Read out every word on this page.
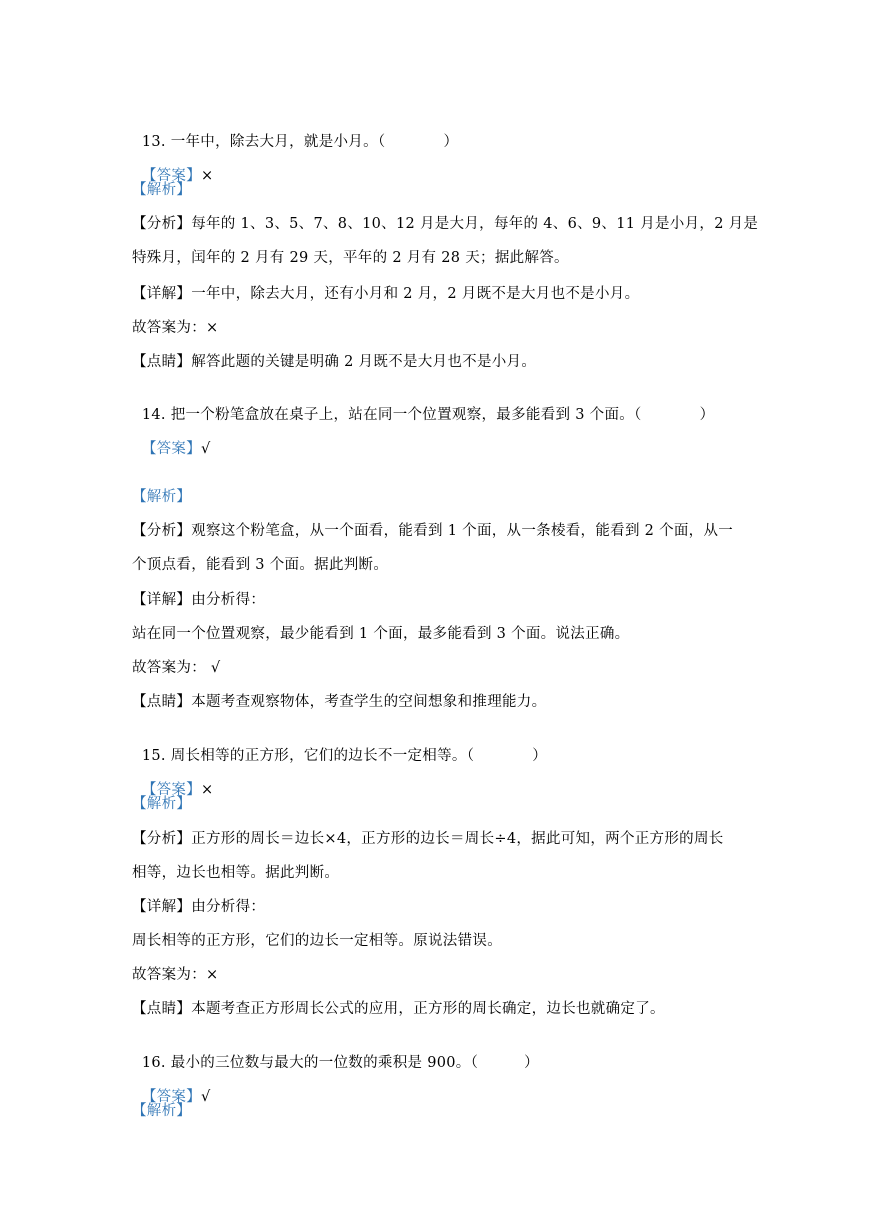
13. 一年中，除去大月，就是小月。（	）

【答案】×

【解析】
【分析】每年的 1、3、5、7、8、10、12 月是大月，每年的 4、6、9、11 月是小月，2 月是
特殊月，闰年的 2 月有 29 天，平年的 2 月有 28 天；据此解答。
【详解】一年中，除去大月，还有小月和 2 月，2 月既不是大月也不是小月。
故答案为：×
【点睛】解答此题的关键是明确 2 月既不是大月也不是小月。

14. 把一个粉笔盒放在桌子上，站在同一个位置观察，最多能看到 3 个面。（	）

【答案】√

【解析】
【分析】观察这个粉笔盒，从一个面看，能看到 1 个面，从一条棱看，能看到 2 个面，从一
个顶点看，能看到 3 个面。据此判断。
【详解】由分析得：
站在同一个位置观察，最少能看到 1 个面，最多能看到 3 个面。说法正确。
故答案为： √
【点睛】本题考查观察物体，考查学生的空间想象和推理能力。

15. 周长相等的正方形，它们的边长不一定相等。（	）

【答案】×

【解析】
【分析】正方形的周长＝边长×4，正方形的边长＝周长÷4，据此可知，两个正方形的周长
相等，边长也相等。据此判断。
【详解】由分析得：
周长相等的正方形，它们的边长一定相等。原说法错误。
故答案为：×
【点睛】本题考查正方形周长公式的应用，正方形的周长确定，边长也就确定了。

16. 最小的三位数与最大的一位数的乘积是 900。（	）

【答案】√

【解析】
